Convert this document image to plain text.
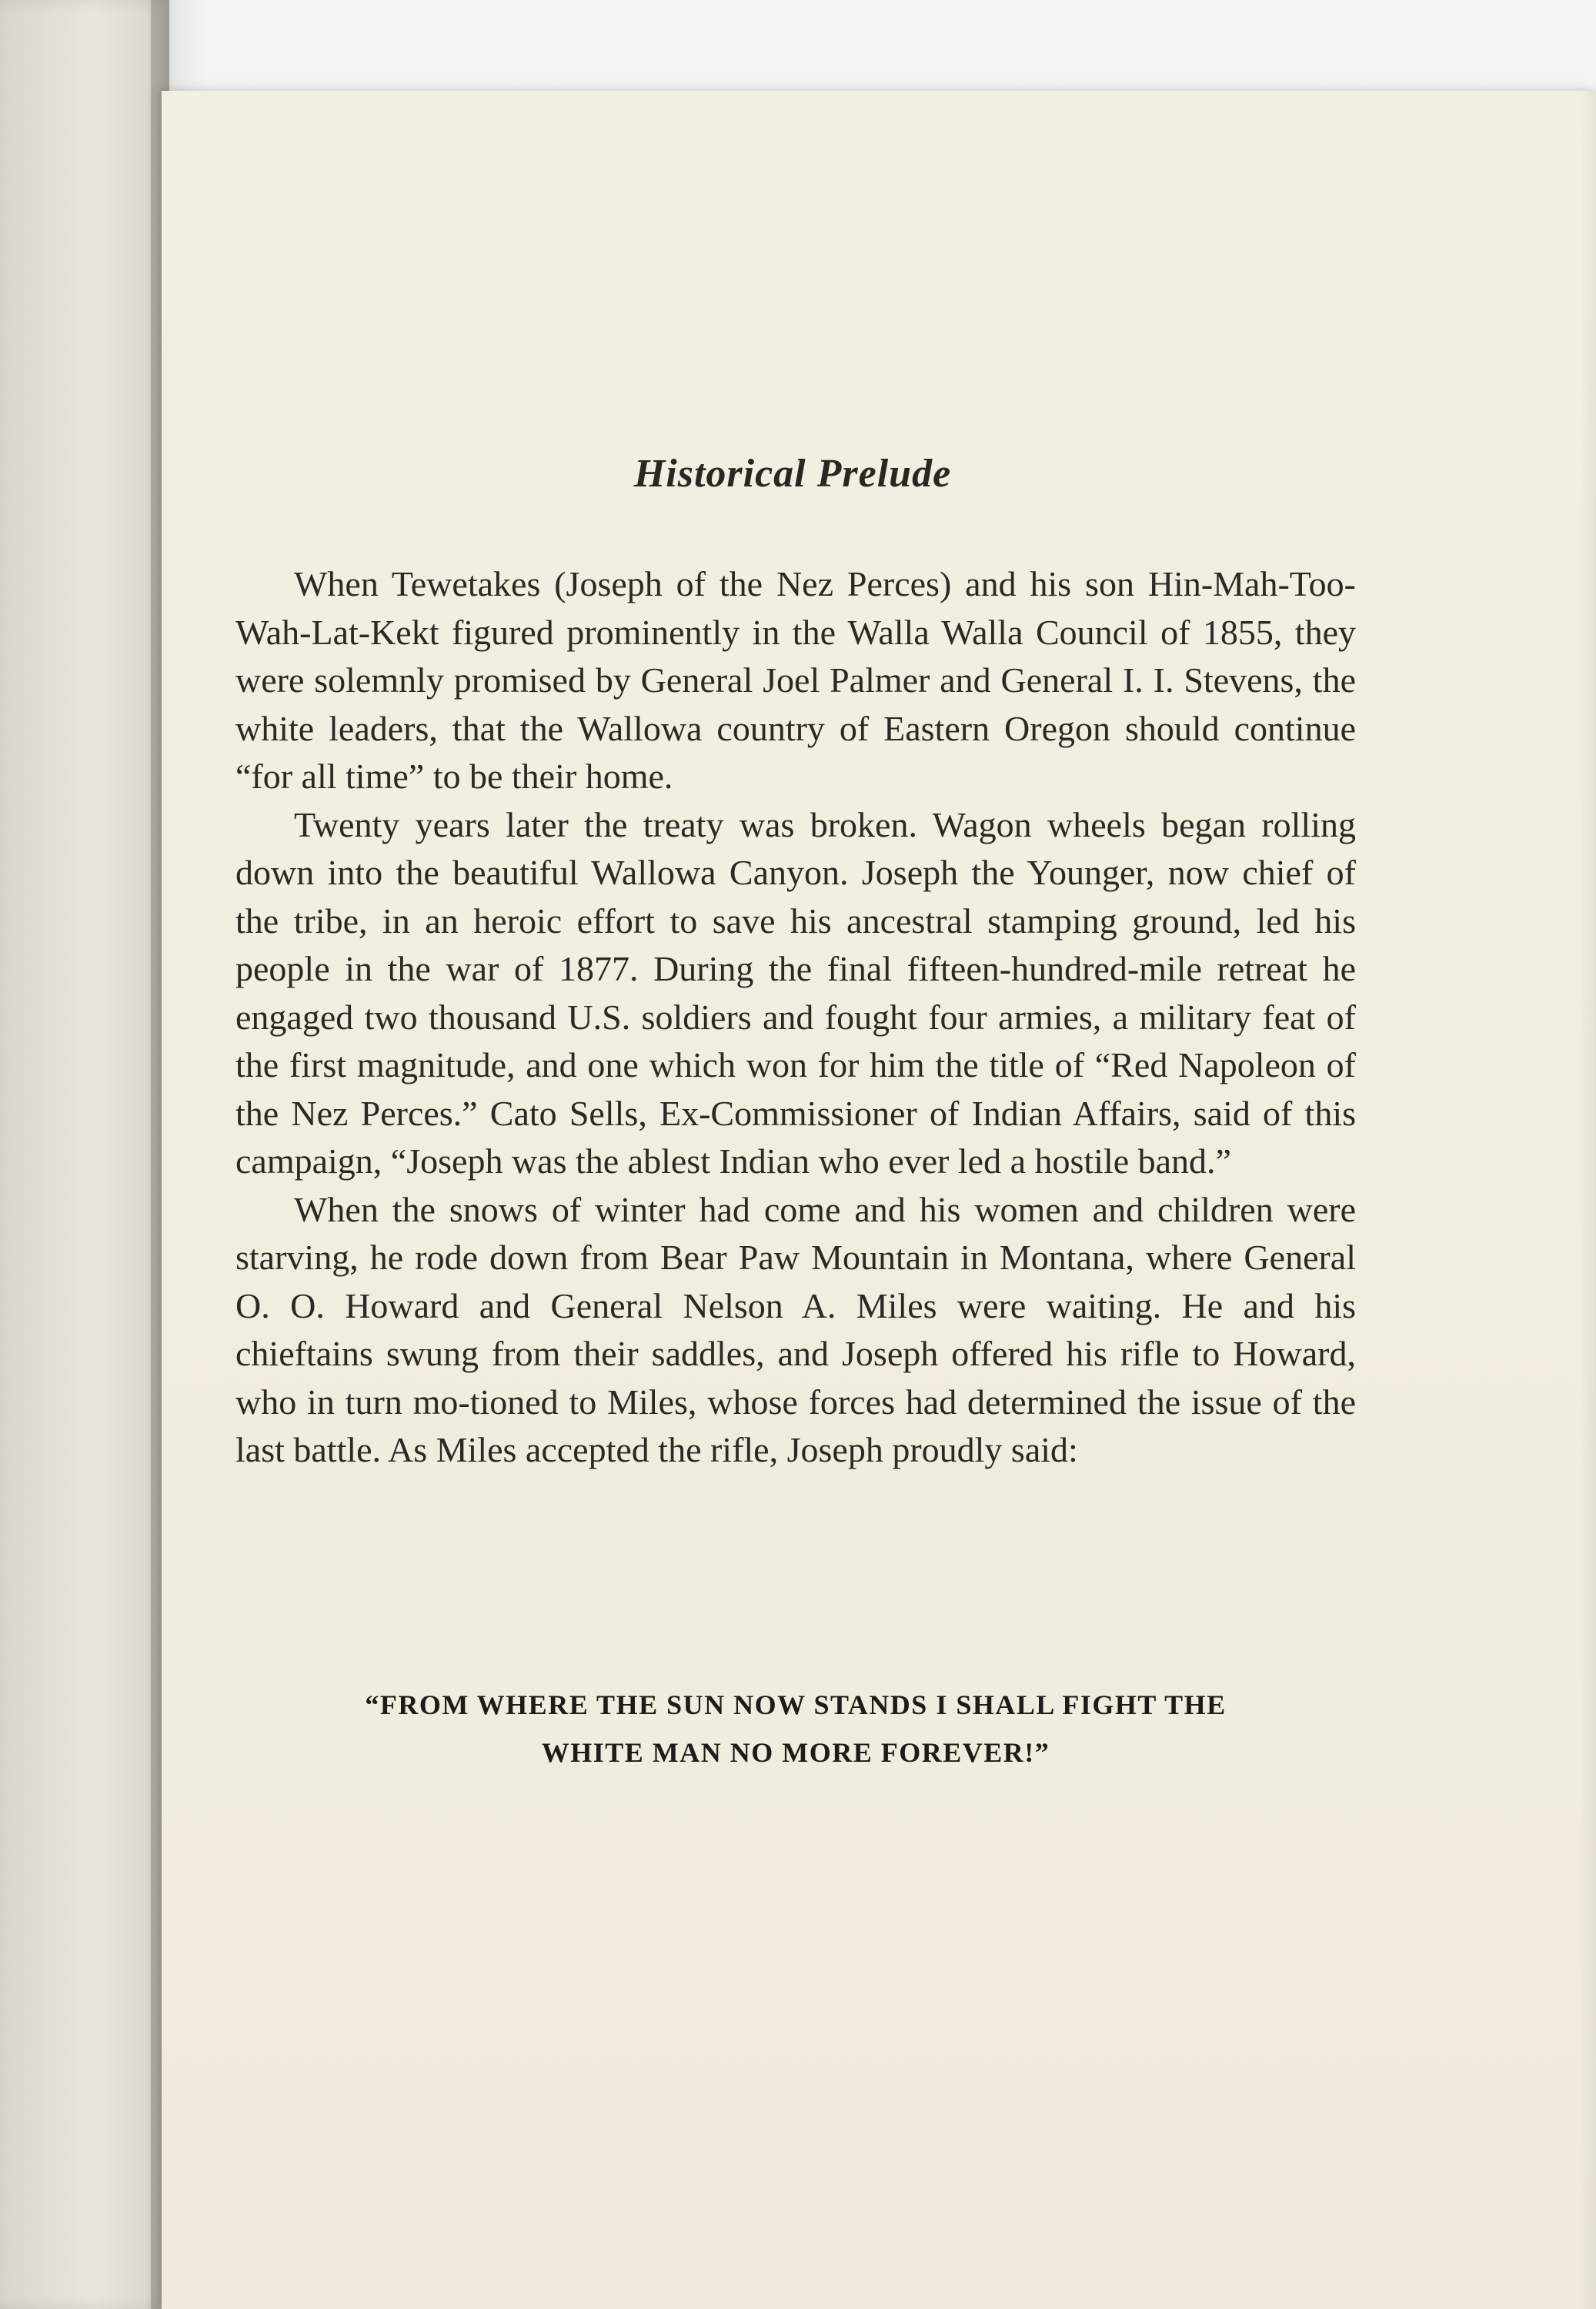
Historical Prelude

When Tewetakes (Joseph of the Nez Perces) and his son Hin-Mah-Too-Wah-Lat-Kekt figured prominently in the Walla Walla Council of 1855, they were solemnly promised by General Joel Palmer and General I. I. Stevens, the white leaders, that the Wallowa country of Eastern Oregon should continue “for all time” to be their home.

Twenty years later the treaty was broken. Wagon wheels began rolling down into the beautiful Wallowa Canyon. Joseph the Younger, now chief of the tribe, in an heroic effort to save his ancestral stamping ground, led his people in the war of 1877. During the final fifteen-hundred-mile retreat he engaged two thousand U.S. soldiers and fought four armies, a military feat of the first magnitude, and one which won for him the title of “Red Napoleon of the Nez Perces.” Cato Sells, Ex-Commissioner of Indian Affairs, said of this campaign, “Joseph was the ablest Indian who ever led a hostile band.”

When the snows of winter had come and his women and children were starving, he rode down from Bear Paw Mountain in Montana, where General O. O. Howard and General Nelson A. Miles were waiting. He and his chieftains swung from their saddles, and Joseph offered his rifle to Howard, who in turn mo-tioned to Miles, whose forces had determined the issue of the last battle. As Miles accepted the rifle, Joseph proudly said:

“FROM WHERE THE SUN NOW STANDS I SHALL FIGHT THE
WHITE MAN NO MORE FOREVER!”
